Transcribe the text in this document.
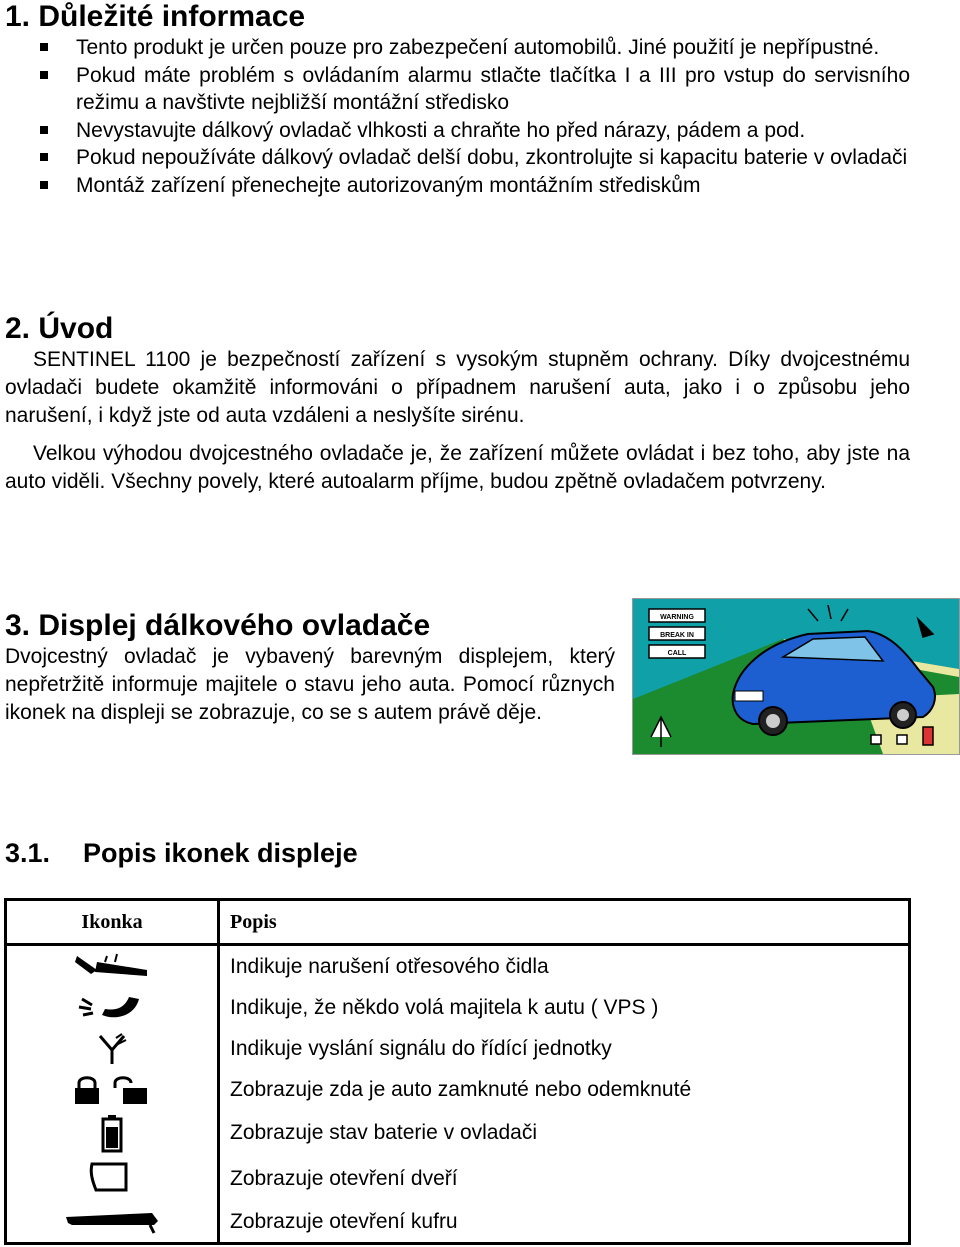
1. Důležité informace
Tento produkt je určen pouze pro zabezpečení automobilů. Jiné použití je nepřípustné.
Pokud máte problém s ovládaním alarmu stlačte tlačítka I a III pro vstup do servisního režimu a navštivte nejbližší montážní středisko
Nevystavujte dálkový ovladač vlhkosti a chraňte ho před nárazy, pádem a pod.
Pokud nepoužíváte dálkový ovladač delší dobu, zkontrolujte si kapacitu baterie v ovladači
Montáž zařízení přenechejte autorizovaným montážním střediskům
2. Úvod

SENTINEL 1100 je bezpečností zařízení s vysokým stupněm ochrany. Díky dvojcestnému ovladači budete okamžitě informováni o případnem narušení auta, jako i o způsobu jeho narušení, i když jste od auta vzdáleni a neslyšíte sirénu.

Velkou výhodou dvojcestného ovladače je, že zařízení můžete ovládat i bez toho, aby jste na auto viděli. Všechny povely, které autoalarm příjme, budou zpětně ovladačem potvrzeny.

3. Displej dálkového ovladače

Dvojcestný ovladač je vybavený barevným displejem, který nepřetržitě informuje majitele o stavu jeho auta. Pomocí různych ikonek na displeji se zobrazuje, co se s autem právě děje.

WARNING
BREAK IN
CALL
3.1. Popis ikonek displeje
Ikonka	Popis

	Indikuje narušení otřesového čidla

	Indikuje, že někdo volá majitela k autu ( VPS )

	Indikuje vyslání signálu do řídící jednotky

	Zobrazuje zda je auto zamknuté nebo odemknuté

	Zobrazuje stav baterie v ovladači

	Zobrazuje otevření dveří

	Zobrazuje otevření kufru
